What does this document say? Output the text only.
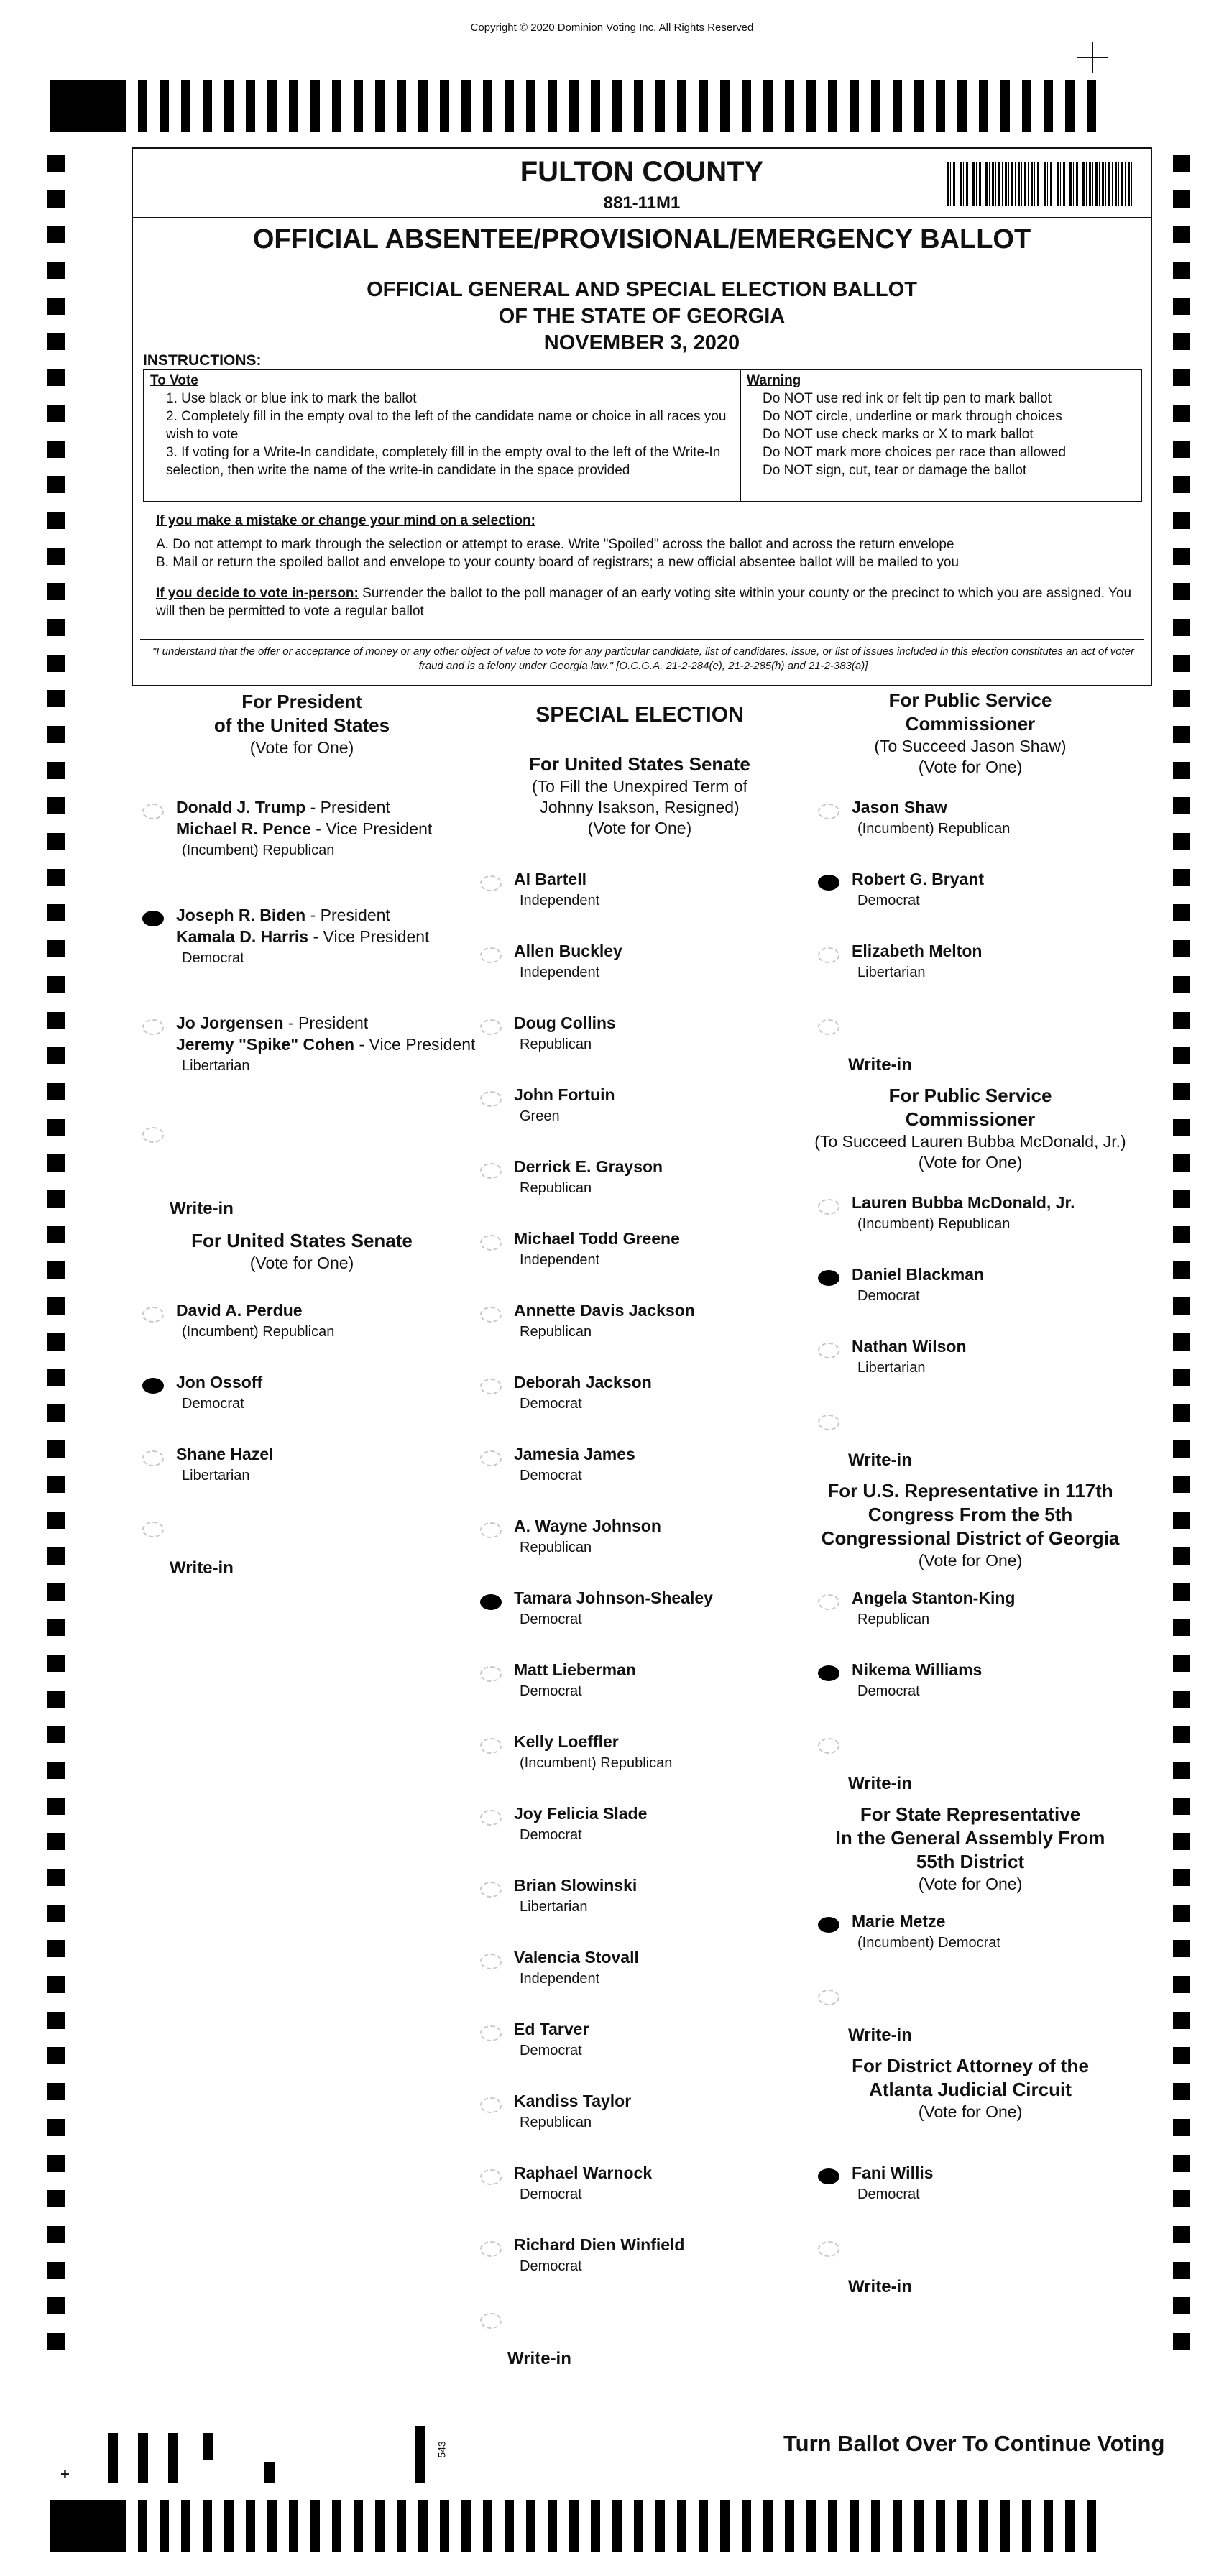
Copyright © 2020 Dominion Voting Inc. All Rights Reserved
FULTON COUNTY
881-11M1
OFFICIAL ABSENTEE/PROVISIONAL/EMERGENCY BALLOT
OFFICIAL GENERAL AND SPECIAL ELECTION BALLOT
OF THE STATE OF GEORGIA
NOVEMBER 3, 2020
INSTRUCTIONS:
To Vote
1. Use black or blue ink to mark the ballot
2. Completely fill in the empty oval to the left of the candidate name or choice in all races you wish to vote
3. If voting for a Write-In candidate, completely fill in the empty oval to the left of the Write-In selection, then write the name of the write-in candidate in the space provided
Warning
Do NOT use red ink or felt tip pen to mark ballot
Do NOT circle, underline or mark through choices
Do NOT use check marks or X to mark ballot
Do NOT mark more choices per race than allowed
Do NOT sign, cut, tear or damage the ballot

If you make a mistake or change your mind on a selection:

A. Do not attempt to mark through the selection or attempt to erase. Write "Spoiled" across the ballot and across the return envelope

B. Mail or return the spoiled ballot and envelope to your county board of registrars; a new official absentee ballot will be mailed to you

If you decide to vote in-person: Surrender the ballot to the poll manager of an early voting site within your county or the precinct to which you are assigned. You will then be permitted to vote a regular ballot

"I understand that the offer or acceptance of money or any other object of value to vote for any particular candidate, list of candidates, issue, or list of issues included in this election constitutes an act of voter fraud and is a felony under Georgia law." [O.C.G.A. 21-2-284(e), 21-2-285(h) and 21-2-383(a)]
For President
of the United States
(Vote for One)
Donald J. Trump - President
Michael R. Pence - Vice President
(Incumbent) Republican
Joseph R. Biden - President
Kamala D. Harris - Vice President
Democrat
Jo Jorgensen - President
Jeremy "Spike" Cohen - Vice President
Libertarian
Write-in
For United States Senate
(Vote for One)
David A. Perdue
(Incumbent) Republican
Jon Ossoff
Democrat
Shane Hazel
Libertarian
Write-in
SPECIAL ELECTION
For United States Senate
(To Fill the Unexpired Term of
Johnny Isakson, Resigned)
(Vote for One)
Al Bartell
Independent
Allen Buckley
Independent
Doug Collins
Republican
John Fortuin
Green
Derrick E. Grayson
Republican
Michael Todd Greene
Independent
Annette Davis Jackson
Republican
Deborah Jackson
Democrat
Jamesia James
Democrat
A. Wayne Johnson
Republican
Tamara Johnson-Shealey
Democrat
Matt Lieberman
Democrat
Kelly Loeffler
(Incumbent) Republican
Joy Felicia Slade
Democrat
Brian Slowinski
Libertarian
Valencia Stovall
Independent
Ed Tarver
Democrat
Kandiss Taylor
Republican
Raphael Warnock
Democrat
Richard Dien Winfield
Democrat
Write-in
For Public Service
Commissioner
(To Succeed Jason Shaw)
(Vote for One)
Jason Shaw
(Incumbent) Republican
Robert G. Bryant
Democrat
Elizabeth Melton
Libertarian
Write-in
For Public Service
Commissioner
(To Succeed Lauren Bubba McDonald, Jr.)
(Vote for One)
Lauren Bubba McDonald, Jr.
(Incumbent) Republican
Daniel Blackman
Democrat
Nathan Wilson
Libertarian
Write-in
For U.S. Representative in 117th
Congress From the 5th
Congressional District of Georgia
(Vote for One)
Angela Stanton-King
Republican
Nikema Williams
Democrat
Write-in
For State Representative
In the General Assembly From
55th District
(Vote for One)
Marie Metze
(Incumbent) Democrat
Write-in
For District Attorney of the
Atlanta Judicial Circuit
(Vote for One)
Fani Willis
Democrat
Write-in
+
543	Turn Ballot Over To Continue Voting
